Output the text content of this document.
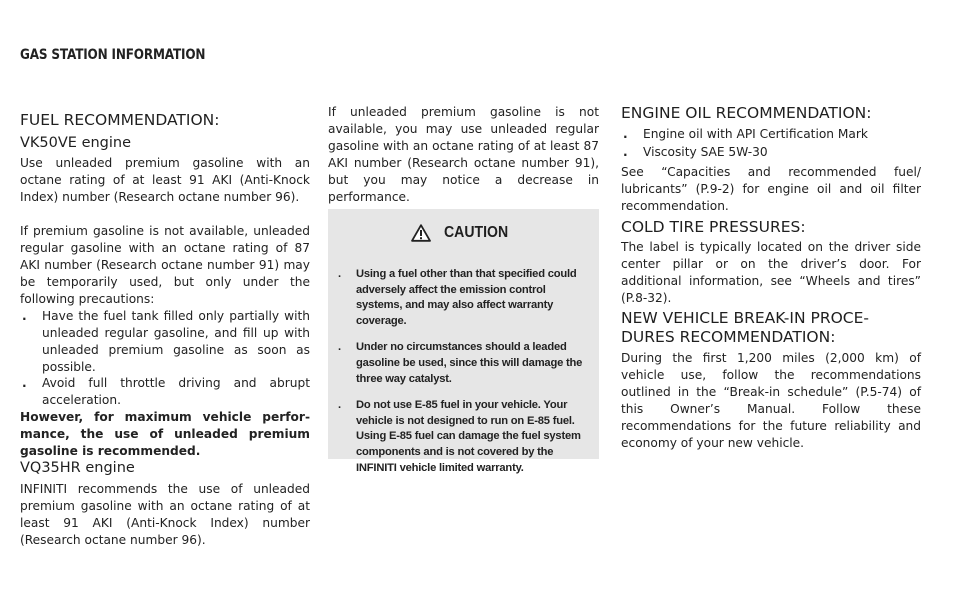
GAS STATION INFORMATION
FUEL RECOMMENDATION:
VK50VE engine

Use unleaded premium gasoline with an octane rating of at least 91 AKI (Anti-Knock Index) number (Research octane number 96).

If premium gasoline is not available, unleaded regular gasoline with an octane rating of 87 AKI number (Research octane number 91) may be temporarily used, but only under the following precautions:

. Have the fuel tank filled only partially with unleaded regular gasoline, and fill up with unleaded premium gasoline as soon as possible.
. Avoid full throttle driving and abrupt acceleration.

However, for maximum vehicle perfor-mance, the use of unleaded premium gasoline is recommended.

VQ35HR engine

INFINITI recommends the use of unleaded premium gasoline with an octane rating of at least 91 AKI (Anti-Knock Index) number (Research octane number 96).

If unleaded premium gasoline is not available, you may use unleaded regular gasoline with an octane rating of at least 87 AKI number (Research octane number 91), but you may notice a decrease in performance.

CAUTION
. Using a fuel other than that specified could adversely affect the emission control systems, and may also affect warranty coverage.
. Under no circumstances should a leaded gasoline be used, since this will damage the three way catalyst.
. Do not use E-85 fuel in your vehicle. Your vehicle is not designed to run on E-85 fuel. Using E-85 fuel can damage the fuel system components and is not covered by the INFINITI vehicle limited warranty.
ENGINE OIL RECOMMENDATION:
. Engine oil with API Certification Mark
. Viscosity SAE 5W-30

See “Capacities and recommended fuel/ lubricants” (P.9-2) for engine oil and oil filter recommendation.

COLD TIRE PRESSURES:

The label is typically located on the driver side center pillar or on the driver’s door. For additional information, see “Wheels and tires” (P.8-32).

NEW VEHICLE BREAK-IN PROCE-
DURES RECOMMENDATION:

During the first 1,200 miles (2,000 km) of vehicle use, follow the recommendations outlined in the “Break-in schedule” (P.5-74) of this Owner’s Manual. Follow these recommendations for the future reliability and economy of your new vehicle.
